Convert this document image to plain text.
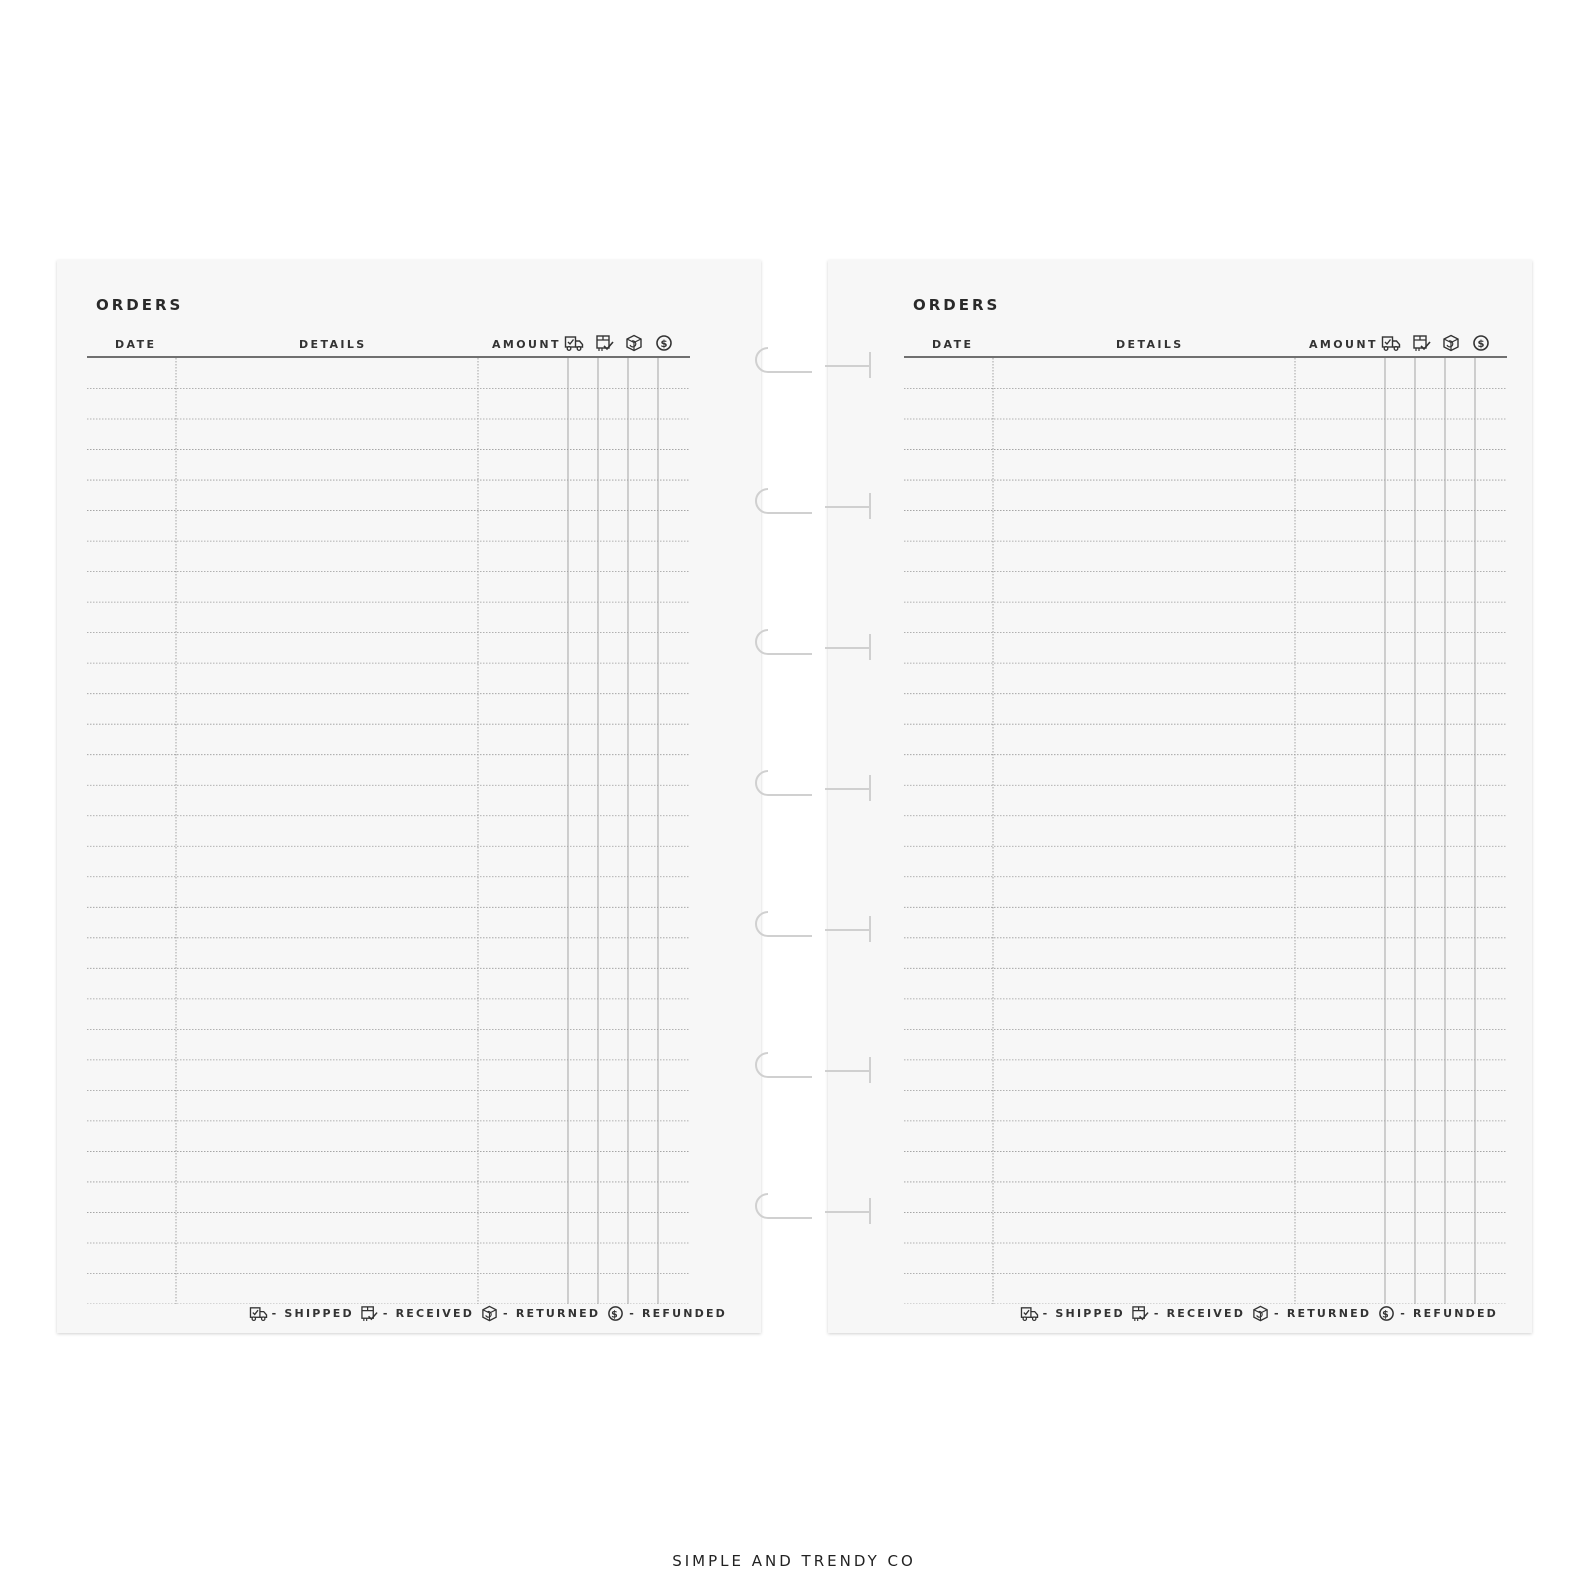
ORDERS
DATE	DETAILS	AMOUNT
- SHIPPED	- RECEIVED	- RETURNED	- REFUNDED
ORDERS
DATE	DETAILS	AMOUNT
- SHIPPED	- RECEIVED	- RETURNED	- REFUNDED
SIMPLE AND TRENDY CO
